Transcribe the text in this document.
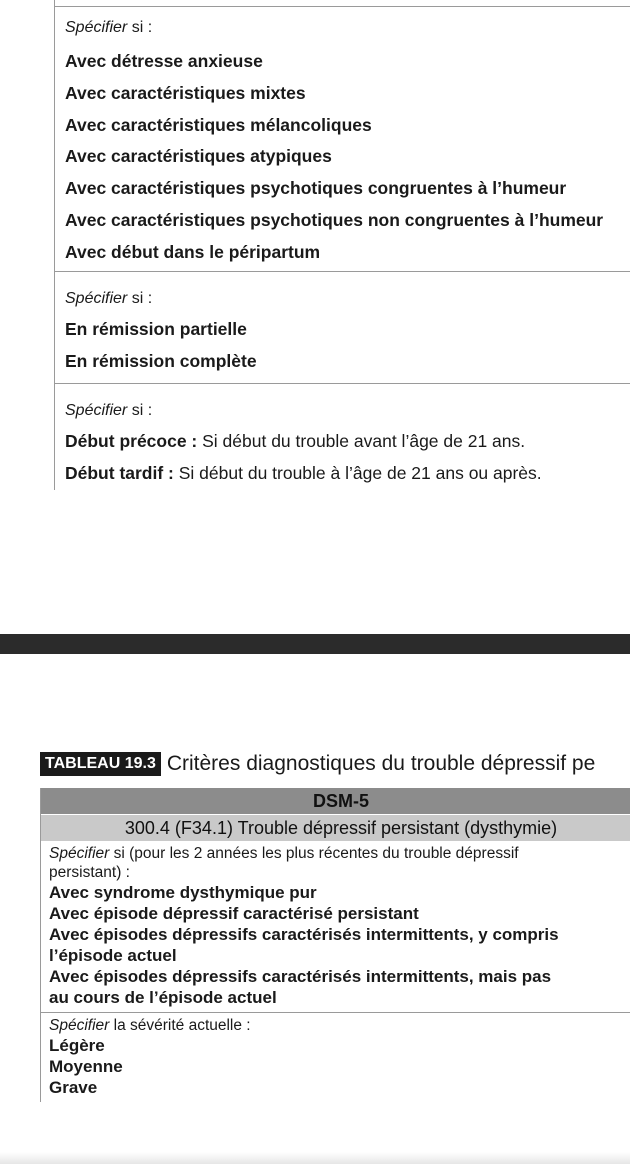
Spécifier si :
Avec détresse anxieuse
Avec caractéristiques mixtes
Avec caractéristiques mélancoliques
Avec caractéristiques atypiques
Avec caractéristiques psychotiques congruentes à l’humeur
Avec caractéristiques psychotiques non congruentes à l’humeur
Avec début dans le péripartum
Spécifier si :
En rémission partielle
En rémission complète
Spécifier si :
Début précoce : Si début du trouble avant l’âge de 21 ans.
Début tardif : Si début du trouble à l’âge de 21 ans ou après.
TABLEAU 19.3 Critères diagnostiques du trouble dépressif pe
DSM-5
300.4 (F34.1) Trouble dépressif persistant (dysthymie)
Spécifier si (pour les 2 années les plus récentes du trouble dépressif persistant) :
Avec syndrome dysthymique pur
Avec épisode dépressif caractérisé persistant
Avec épisodes dépressifs caractérisés intermittents, y compris l’épisode actuel
Avec épisodes dépressifs caractérisés intermittents, mais pas au cours de l’épisode actuel
Spécifier la sévérité actuelle :
Légère
Moyenne
Grave
